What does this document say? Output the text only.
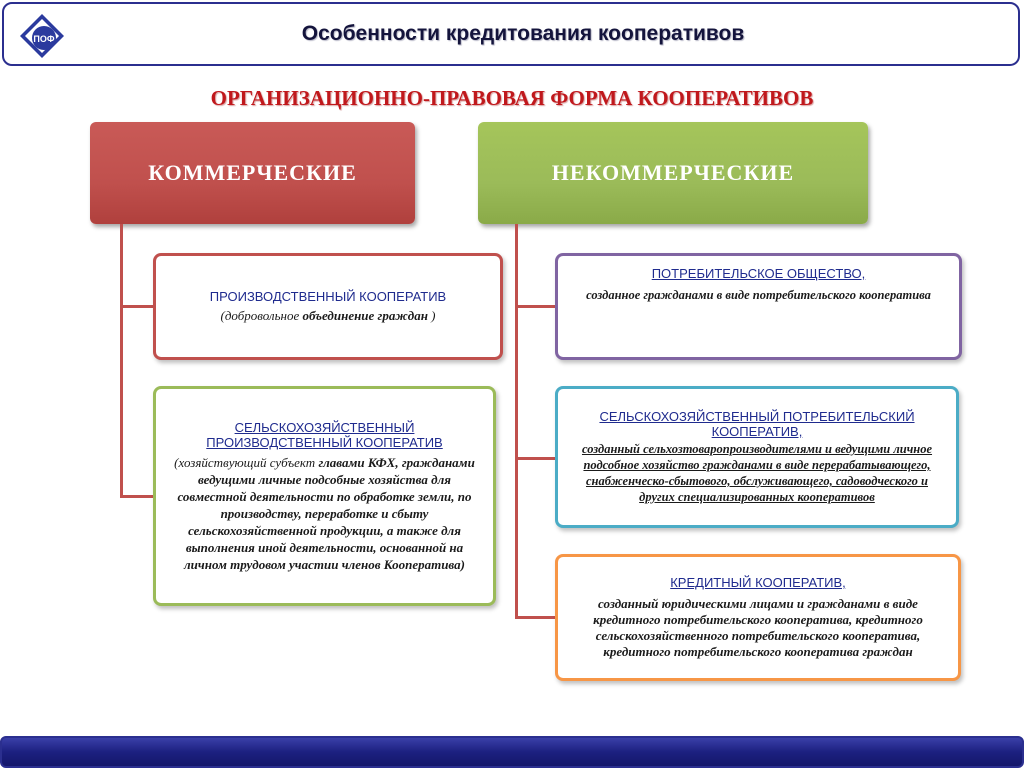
ПОФ	Особенности кредитования кооперативов
ОРГАНИЗАЦИОННО-ПРАВОВАЯ ФОРМА КООПЕРАТИВОВ
КОММЕРЧЕСКИЕ	НЕКОММЕРЧЕСКИЕ
ПРОИЗВОДСТВЕННЫЙ КООПЕРАТИВ
(добровольное объединение граждан )
СЕЛЬСКОХОЗЯЙСТВЕННЫЙ ПРОИЗВОДСТВЕННЫЙ КООПЕРАТИВ
(хозяйствующий субъект главами КФХ, гражданами ведущими личные подсобные хозяйства для совместной деятельности по обработке земли, по производству, переработке и сбыту сельскохозяйственной продукции, а также для выполнения иной деятельности, основанной на личном трудовом участии членов Кооператива)
ПОТРЕБИТЕЛЬСКОЕ ОБЩЕСТВО,
созданное гражданами в виде потребительского кооператива
СЕЛЬСКОХОЗЯЙСТВЕННЫЙ ПОТРЕБИТЕЛЬСКИЙ КООПЕРАТИВ,
созданный сельхозтоваропроизводителями и ведущими личное подсобное хозяйство гражданами в виде перерабатывающего, снабженческо-сбытового, обслуживающего, садоводческого и других специализированных кооперативов
КРЕДИТНЫЙ КООПЕРАТИВ,
созданный юридическими лицами и гражданами в виде кредитного потребительского кооператива, кредитного сельскохозяйственного потребительского кооператива, кредитного потребительского кооператива граждан
